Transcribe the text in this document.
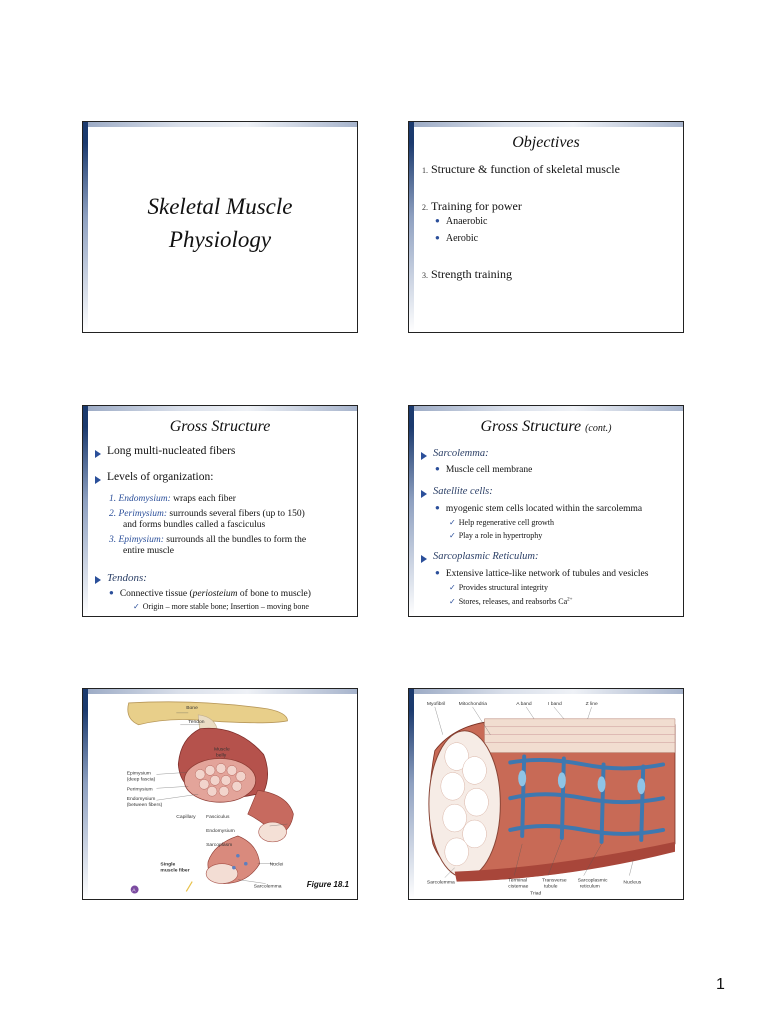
Skeletal Muscle
Physiology
Objectives
1. Structure & function of skeletal muscle
2. Training for power
● Anaerobic
● Aerobic
3. Strength training
Gross Structure
Long multi-nucleated fibers
Levels of organization:
1. Endomysium: wraps each fiber
2. Perimysium: surrounds several fibers (up to 150)
and forms bundles called a fasciculus
3. Epimysium: surrounds all the bundles to form the
entire muscle
Tendons:
● Connective tissue (periosteium of bone to muscle)
✓ Origin – more stable bone; Insertion – moving bone
Gross Structure (cont.)
Sarcolemma:
● Muscle cell membrane
Satellite cells:
● myogenic stem cells located within the sarcolemma
✓ Help regenerative cell growth
✓ Play a role in hypertrophy
Sarcoplasmic Reticulum:
● Extensive lattice-like network of tubules and vesicles
✓ Provides structural integrity
✓ Stores, releases, and reabsorbs $Ca^{2+}$
Bone
Tendon
Muscle
belly
Epimysium
(deep fascia)
Perimysium
Endomysium
(between fibers)
Capillary Fasciculus
Endomysium
Sarcoplasm
Single
muscle fiber
Nuclei
Sarcolemma
A
Figure 18.1
Myofibril	Mitochondria	A band	I band	Z line
Sarcolemma	Terminal
cisternae
Transverse
tubule
Sarcoplasmic
reticulum
Nucleus
Triad
1
